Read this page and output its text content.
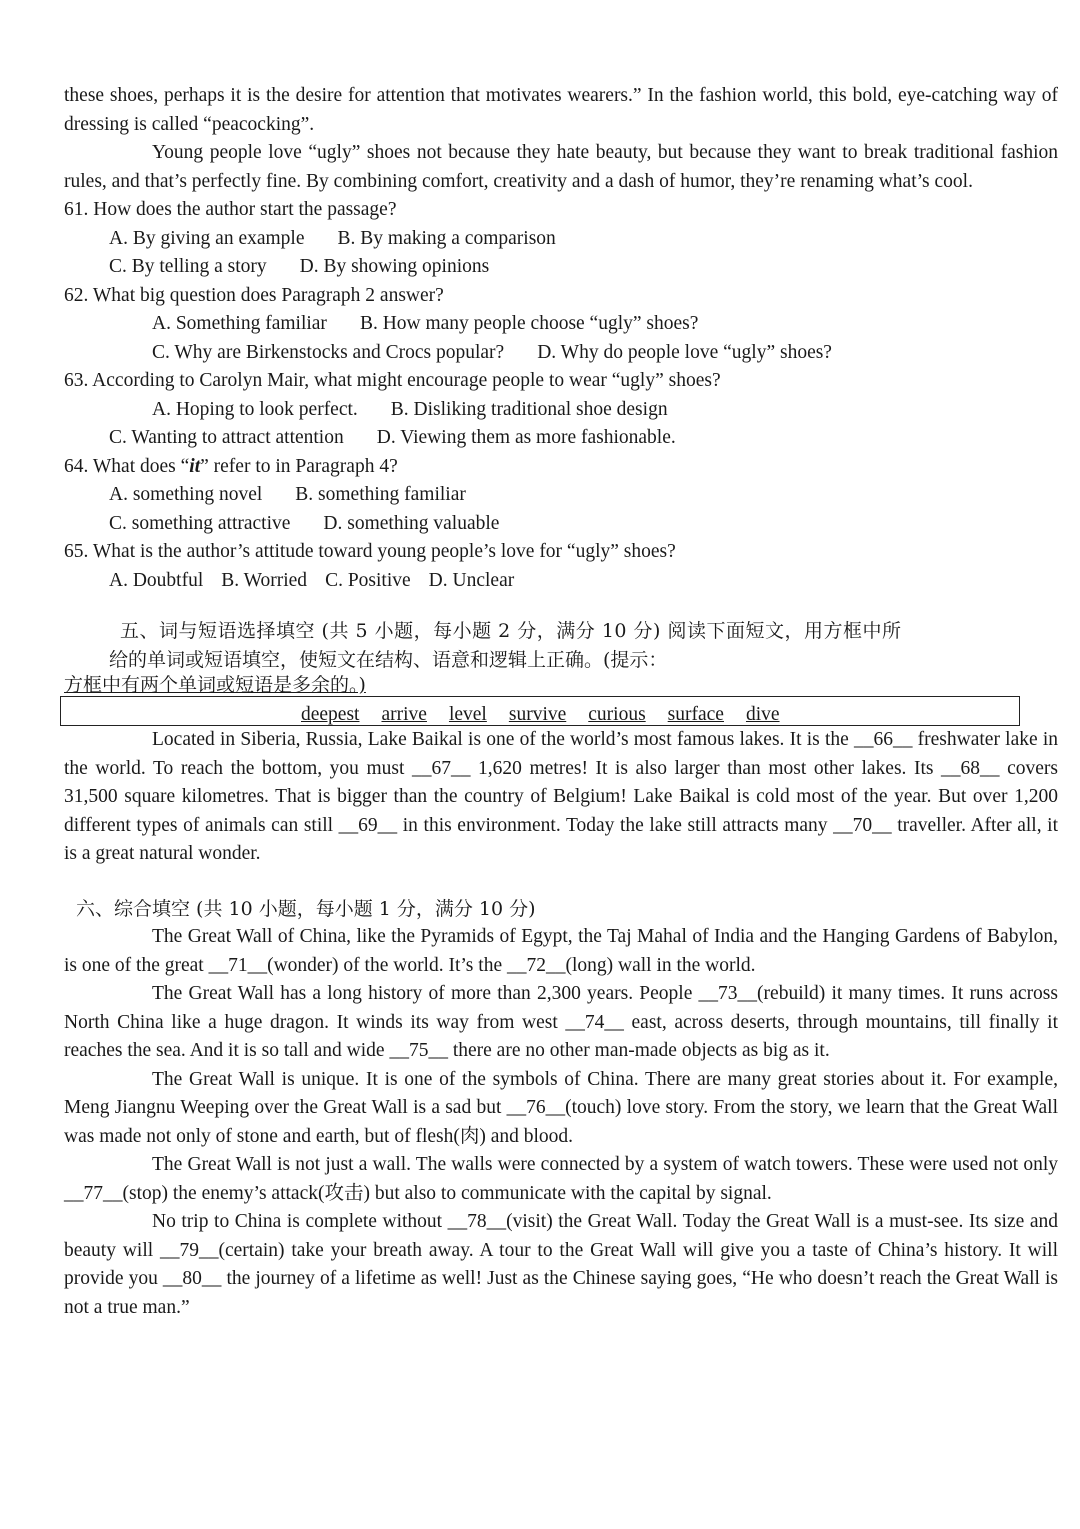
these shoes, perhaps it is the desire for attention that motivates wearers.” In the fashion world, this bold, eye-catching way of dressing is called “peacocking”.

Young people love “ugly” shoes not because they hate beauty, but because they want to break traditional fashion rules, and that’s perfectly fine. By combining comfort, creativity and a dash of humor, they’re renaming what’s cool.

61. How does the author start the passage?

A. By giving an example B. By making a comparison

C. By telling a story D. By showing opinions

62. What big question does Paragraph 2 answer?

A. Something familiar B. How many people choose “ugly” shoes?

C. Why are Birkenstocks and Crocs popular? D. Why do people love “ugly” shoes?

63. According to Carolyn Mair, what might encourage people to wear “ugly” shoes?

A. Hoping to look perfect. B. Disliking traditional shoe design

C. Wanting to attract attention D. Viewing them as more fashionable.

64. What does “it” refer to in Paragraph 4?

A. something novel B. something familiar

C. something attractive D. something valuable

65. What is the author’s attitude toward young people’s love for “ugly” shoes?

A. Doubtful B. Worried C. Positive D. Unclear

五、词与短语选择填空 (共 5 小题，每小题 2 分，满分 10 分) 阅读下面短文，用方框中所

给的单词或短语填空，使短文在结构、语意和逻辑上正确。(提示：

方框中有两个单词或短语是多余的。)

deepest arrive level survive curious surface dive

Located in Siberia, Russia, Lake Baikal is one of the world’s most famous lakes. It is the __66__ freshwater lake in the world. To reach the bottom, you must __67__ 1,620 metres! It is also larger than most other lakes. Its __68__ covers 31,500 square kilometres. That is bigger than the country of Belgium! Lake Baikal is cold most of the year. But over 1,200 different types of animals can still __69__ in this environment. Today the lake still attracts many __70__ traveller. After all, it is a great natural wonder.

六、综合填空 (共 10 小题，每小题 1 分，满分 10 分)

The Great Wall of China, like the Pyramids of Egypt, the Taj Mahal of India and the Hanging Gardens of Babylon, is one of the great __71__(wonder) of the world. It’s the __72__(long) wall in the world.

The Great Wall has a long history of more than 2,300 years. People __73__(rebuild) it many times. It runs across North China like a huge dragon. It winds its way from west __74__ east, across deserts, through mountains, till finally it reaches the sea. And it is so tall and wide __75__ there are no other man-made objects as big as it.

The Great Wall is unique. It is one of the symbols of China. There are many great stories about it. For example, Meng Jiangnu Weeping over the Great Wall is a sad but __76__(touch) love story. From the story, we learn that the Great Wall was made not only of stone and earth, but of flesh(肉) and blood.

The Great Wall is not just a wall. The walls were connected by a system of watch towers. These were used not only __77__(stop) the enemy’s attack(攻击) but also to communicate with the capital by signal.

No trip to China is complete without __78__(visit) the Great Wall. Today the Great Wall is a must-see. Its size and beauty will __79__(certain) take your breath away. A tour to the Great Wall will give you a taste of China’s history. It will provide you __80__ the journey of a lifetime as well! Just as the Chinese saying goes, “He who doesn’t reach the Great Wall is not a true man.”
